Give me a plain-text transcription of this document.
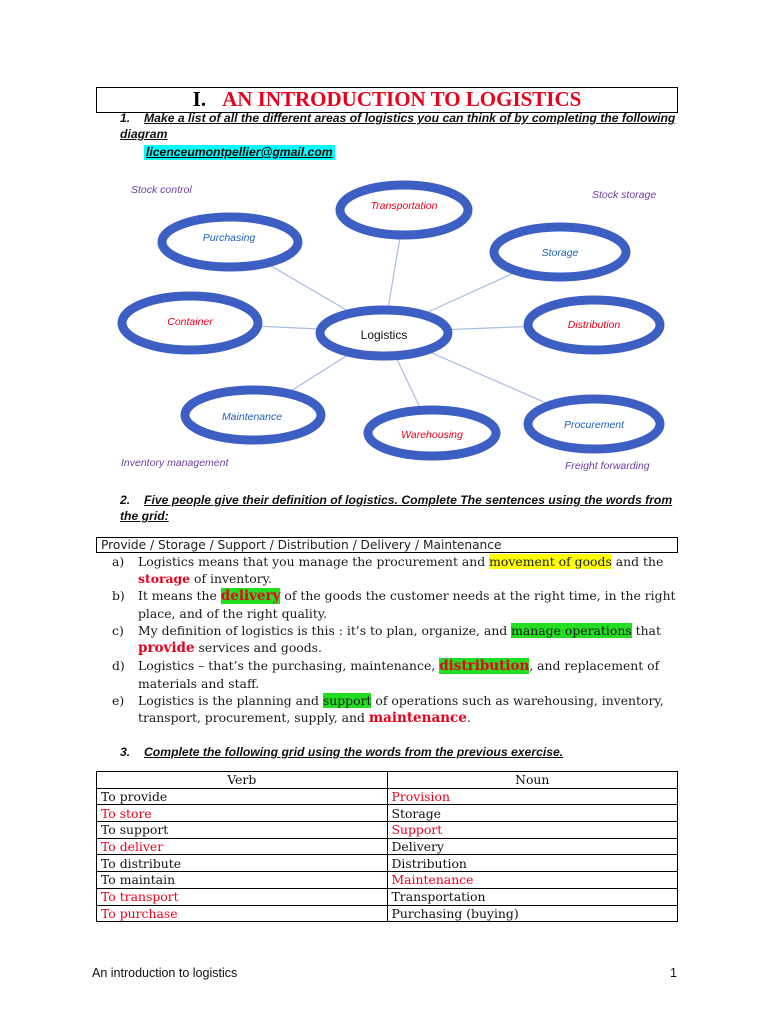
I. AN INTRODUCTION TO LOGISTICS
1. Make a list of all the different areas of logistics you can think of by completing the following diagram
licenceumontpellier@gmail.com
Transportation
Purchasing
Storage
Container	Distribution
Logistics
Maintenance
Warehousing
Procurement
Stock control	Stock storage
Inventory management	Freight forwarding
2. Five people give their definition of logistics. Complete The sentences using the words from the grid:
Provide / Storage / Support / Distribution / Delivery / Maintenance
a)	Logistics means that you manage the procurement and movement of goods and the storage of inventory.
b)	It means the delivery of the goods the customer needs at the right time, in the right place, and of the right quality.
c)	My definition of logistics is this : it’s to plan, organize, and manage operations that provide services and goods.
d)	Logistics – that’s the purchasing, maintenance, distribution, and replacement of materials and staff.
e)	Logistics is the planning and support of operations such as warehousing, inventory, transport, procurement, supply, and maintenance.
3. Complete the following grid using the words from the previous exercise.
Verb	Noun
To provide	Provision
To store	Storage
To support	Support
To deliver	Delivery
To distribute	Distribution
To maintain	Maintenance
To transport	Transportation
To purchase	Purchasing (buying)
An introduction to logistics	1
